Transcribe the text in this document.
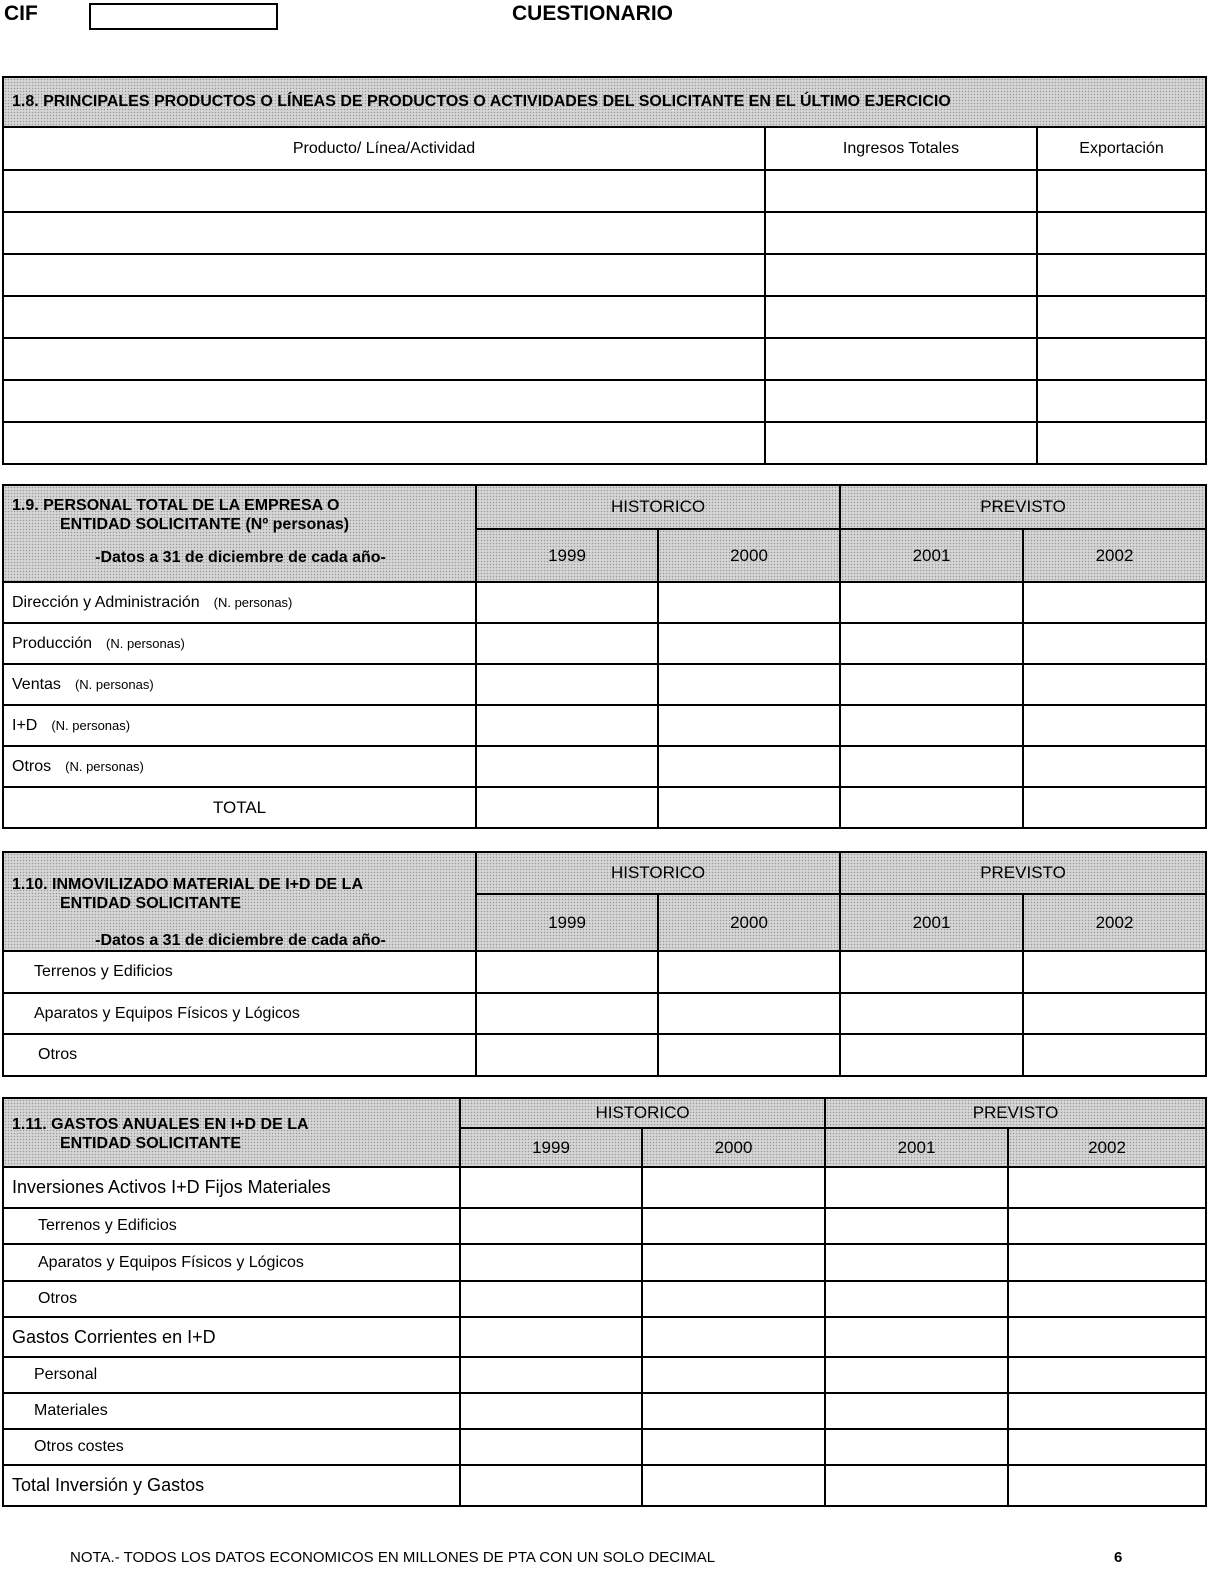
CIF	CUESTIONARIO
1.8. PRINCIPALES PRODUCTOS O LÍNEAS DE PRODUCTOS O ACTIVIDADES DEL SOLICITANTE EN EL ÚLTIMO EJERCICIO		
Producto/ Línea/Actividad	Ingresos Totales	Exportación

1.9. PERSONAL TOTAL DE LA EMPRESA O

ENTIDAD SOLICITANTE (Nº personas)
-Datos a 31 de diciembre de cada año-	HISTORICO		PREVISTO	
	1999	2000	2001	2002
Dirección y Administración (N. personas)				
Producción (N. personas)				
Ventas (N. personas)				
I+D (N. personas)				
Otros (N. personas)				
TOTAL				
1.10. INMOVILIZADO MATERIAL DE I+D DE LA

ENTIDAD SOLICITANTE
-Datos a 31 de diciembre de cada año-	HISTORICO		PREVISTO	
	1999	2000	2001	2002
Terrenos y Edificios				
Aparatos y Equipos Físicos y Lógicos				
Otros				
1.11. GASTOS ANUALES EN I+D DE LA

ENTIDAD SOLICITANTE	HISTORICO		PREVISTO	
	1999	2000	2001	2002
Inversiones Activos I+D Fijos Materiales				
Terrenos y Edificios				
Aparatos y Equipos Físicos y Lógicos				
Otros				
Gastos Corrientes en I+D				
Personal				
Materiales				
Otros costes				
Total Inversión y Gastos				
NOTA.- TODOS LOS DATOS ECONOMICOS EN MILLONES DE PTA CON UN SOLO DECIMAL	6
